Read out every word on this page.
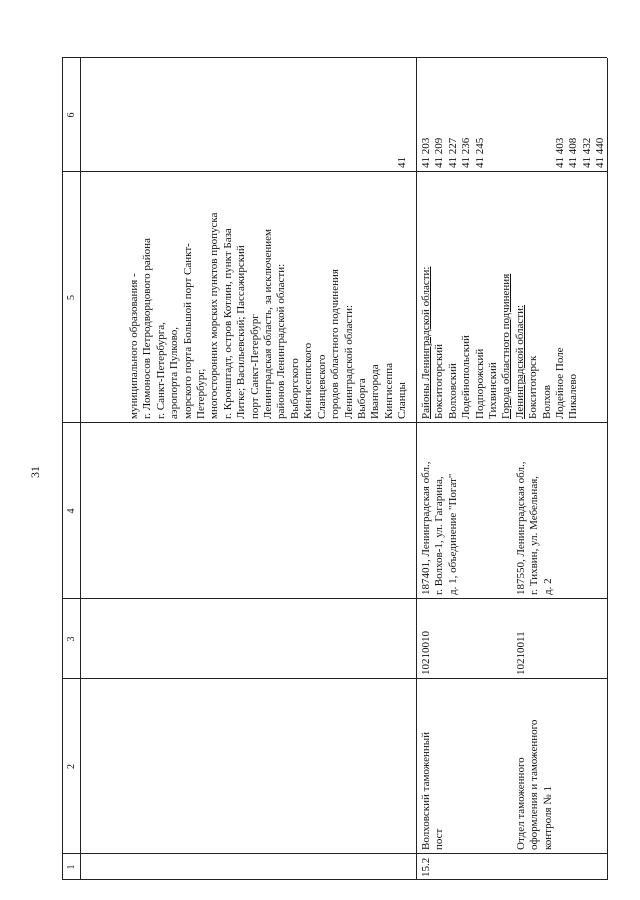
31
1
2
3
4
5
6
муниципального образования - г. Ломоносов Петродворцового района г. Санкт-Петербурга, аэропорта Пулково, морского порта Большой порт Санкт- Петербург, многосторонних морских пунктов пропуска г. Кронштадт, остров Котлин, пункт База Литке; Васильевский; Пассажирский порт Санкт-Петербург Ленинградская область, за исключением районов Ленинградской области: Выборгского Кингисеппского Сланцевского городов областного подчинения Ленинградской области: Выборга Ивангорода Кингисеппа Сланцы
41
15.2
Волховский таможенный пост
10210010
187401, Ленинградская обл., г. Волхов-1, ул. Гагарина, д. 1, объединение "Погат"
Районы Ленинградской области: Бокситогорский Волховский Лодейнопольский Подпорожский Тихвинский Города областного подчинения Ленинградской области: Бокситогорск Волхов Лодейное Поле Пикалево
41 203 41 209 41 227 41 236 41 245	41 403 41 408 41 432 41 440
Отдел таможенного оформления и таможенного контроля № 1
10210011
187550, Ленинградская обл., г. Тихвин, ул. Мебельная, д. 2
